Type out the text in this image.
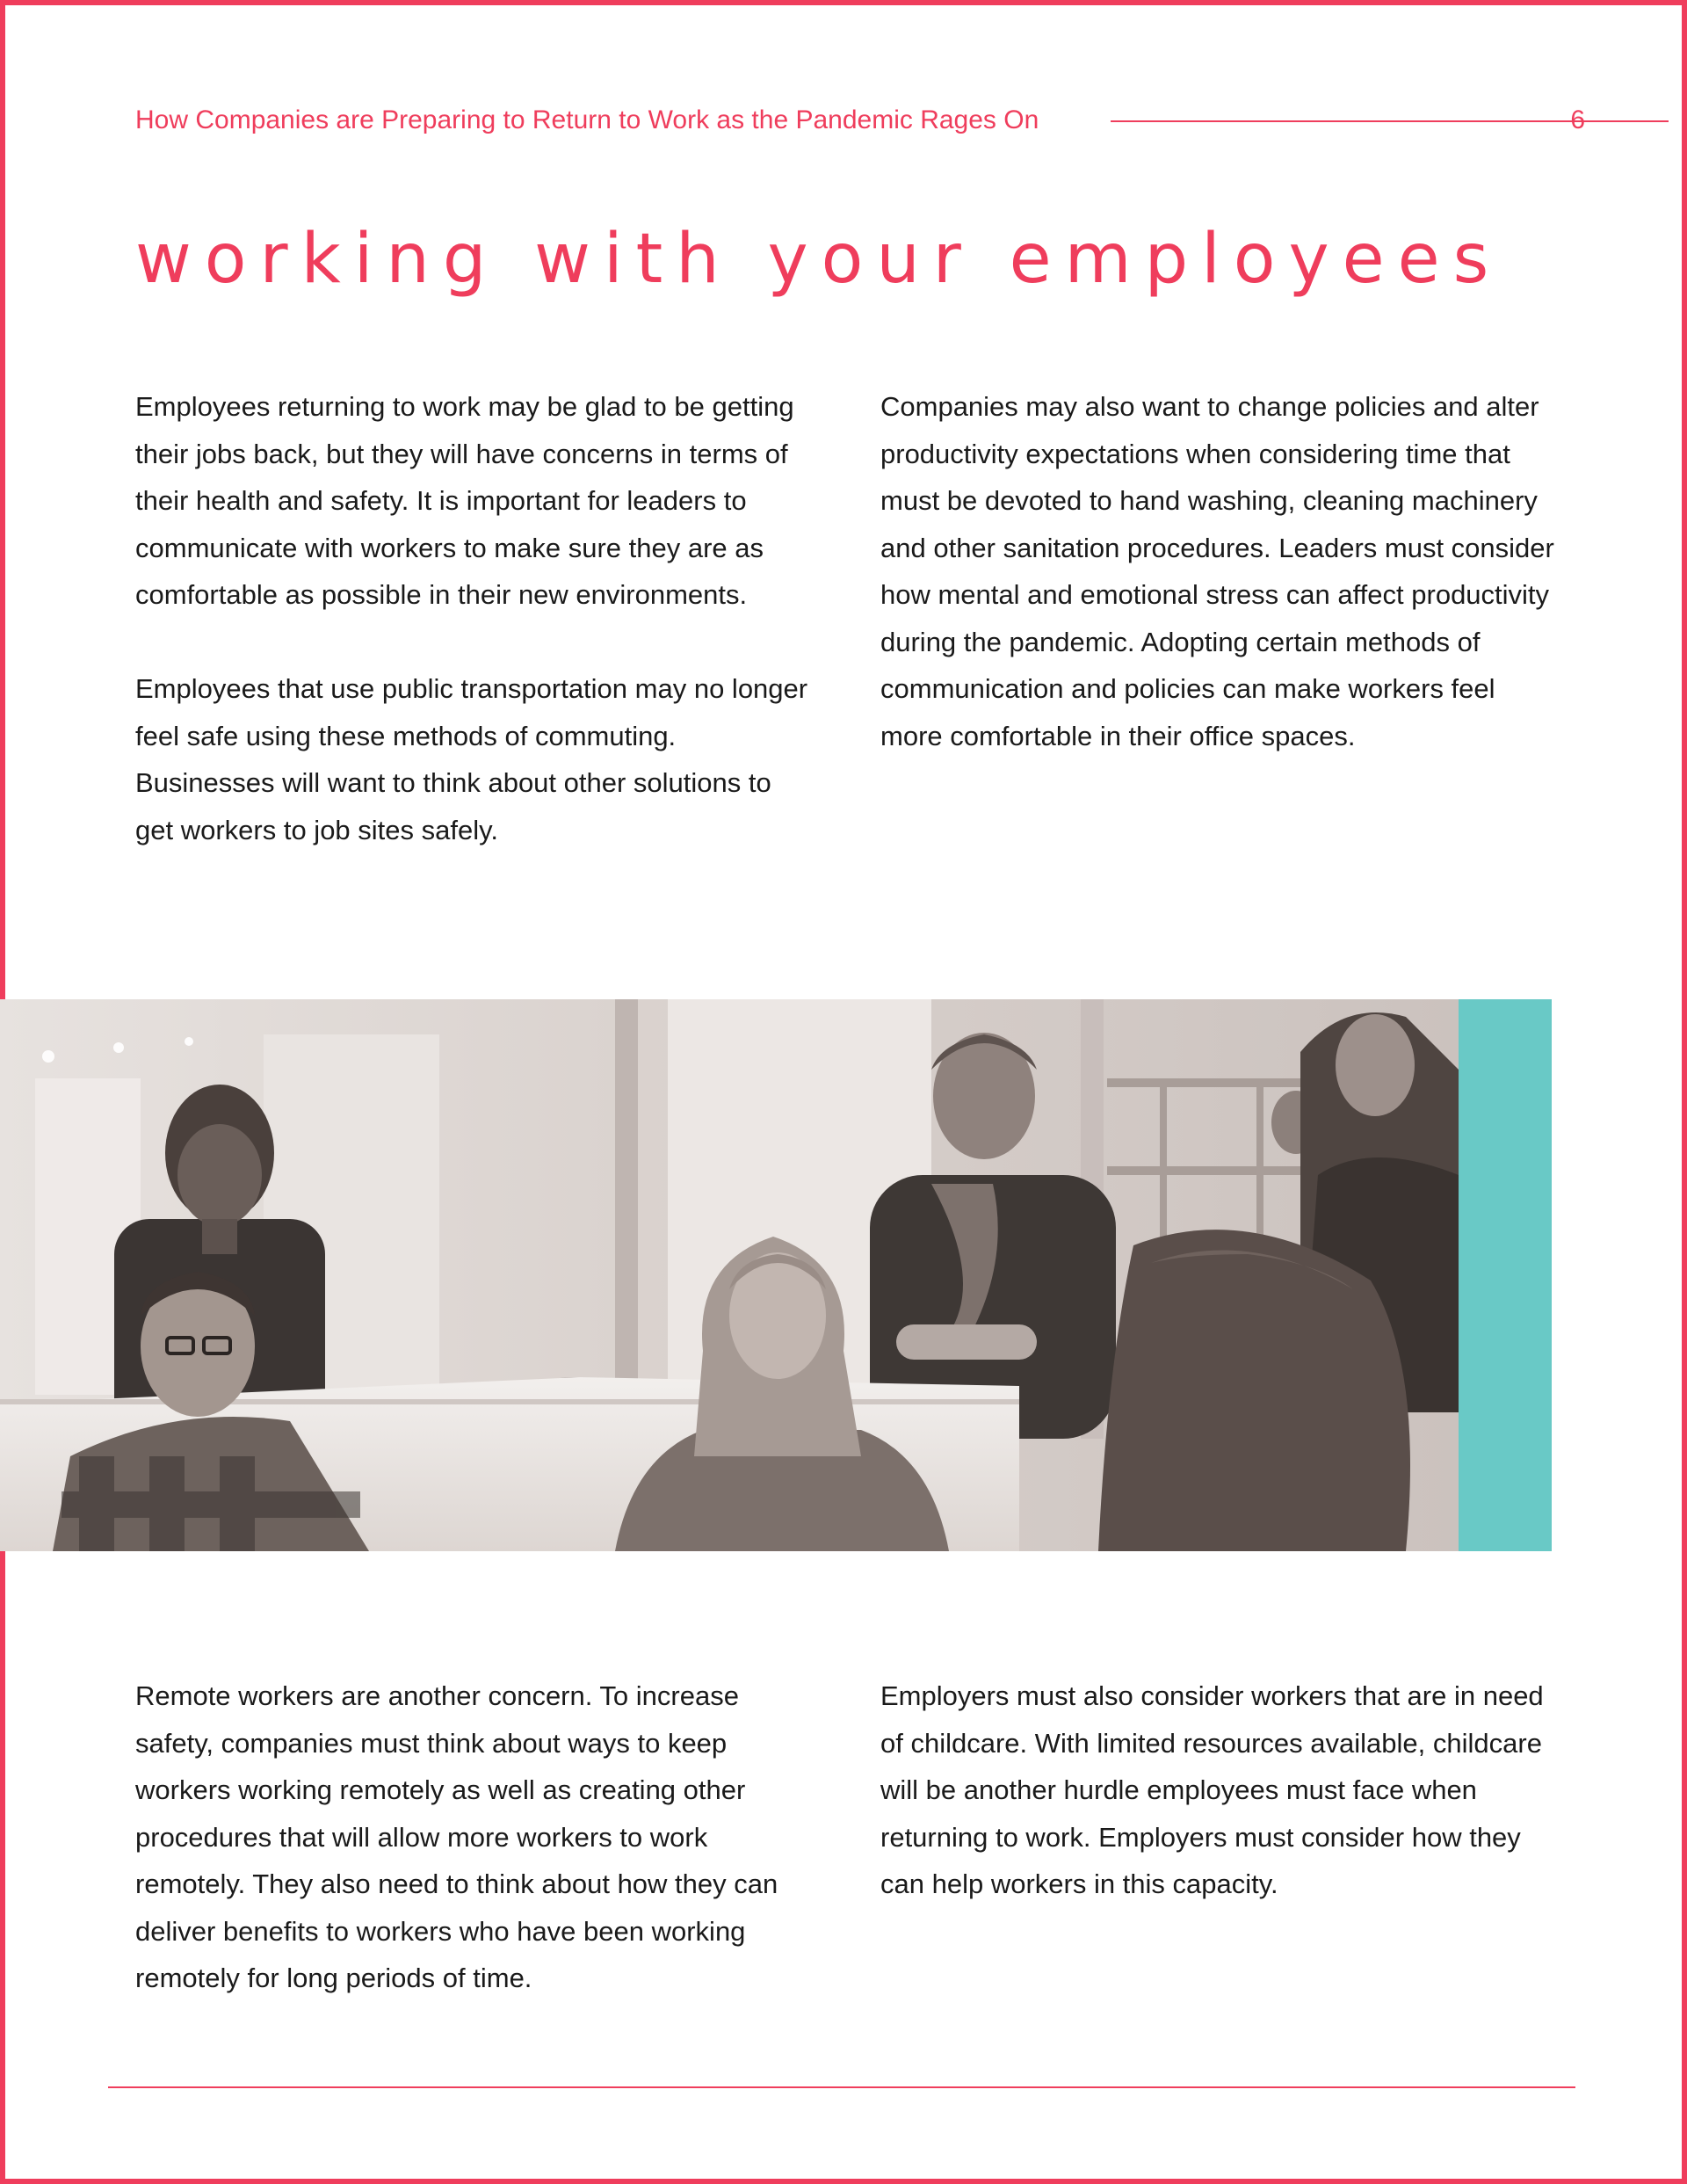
How Companies are Preparing to Return to Work as the Pandemic Rages On	6
working with your employees

Employees returning to work may be glad to be getting their jobs back, but they will have concerns in terms of their health and safety. It is important for leaders to communicate with workers to make sure they are as comfortable as possible in their new environments.

Employees that use public transportation may no longer feel safe using these methods of commuting. Businesses will want to think about other solutions to get workers to job sites safely.

Companies may also want to change policies and alter productivity expectations when considering time that must be devoted to hand washing, cleaning machinery and other sanitation procedures. Leaders must consider how mental and emotional stress can affect productivity during the pandemic. Adopting certain methods of communication and policies can make workers feel more comfortable in their office spaces.

Remote workers are another concern. To increase safety, companies must think about ways to keep workers working remotely as well as creating other procedures that will allow more workers to work remotely. They also need to think about how they can deliver benefits to workers who have been working remotely for long periods of time.

Employers must also consider workers that are in need of childcare. With limited resources available, childcare will be another hurdle employees must face when returning to work. Employers must consider how they can help workers in this capacity.
